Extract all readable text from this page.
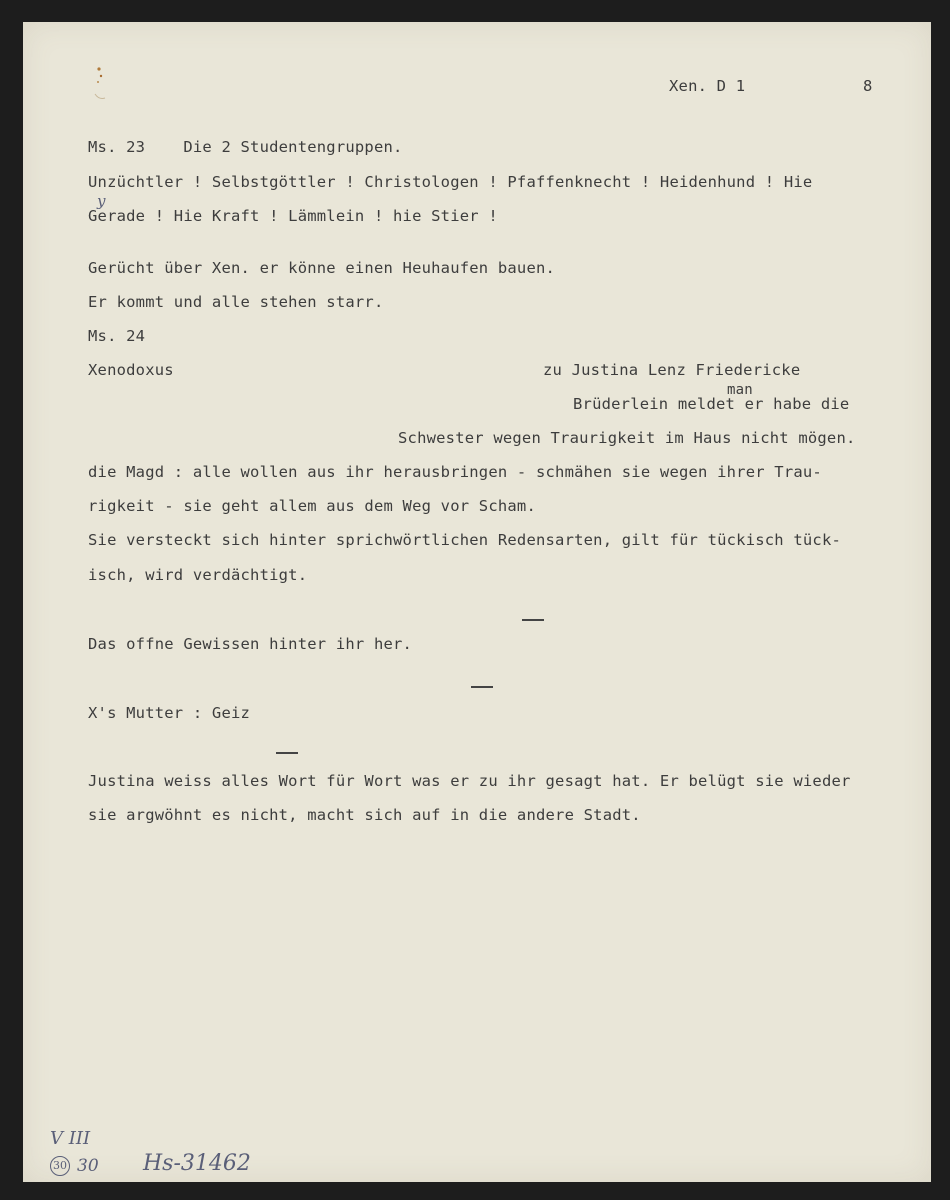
Xen. D 1	8
Ms. 23    Die 2 Studentengruppen.
Unzüchtler ! Selbstgöttler ! Christologen ! Pfaffenknecht ! Heidenhund ! Hie
y
Gerade ! Hie Kraft ! Lämmlein ! hie Stier !
Gerücht über Xen. er könne einen Heuhaufen bauen.
Er kommt und alle stehen starr.
Ms. 24
Xenodoxus	zu Justina Lenz Friedericke
man
Brüderlein meldet er habe die
Schwester wegen Traurigkeit im Haus nicht mögen.
die Magd : alle wollen aus ihr herausbringen - schmähen sie wegen ihrer Trau-
rigkeit - sie geht allem aus dem Weg vor Scham.
Sie versteckt sich hinter sprichwörtlichen Redensarten, gilt für tückisch tück-
isch, wird verdächtigt.
Das offne Gewissen hinter ihr her.
X's Mutter : Geiz
Justina weiss alles Wort für Wort was er zu ihr gesagt hat. Er belügt sie wieder
sie argwöhnt es nicht, macht sich auf in die andere Stadt.
V III
30 30 Hs-31462
